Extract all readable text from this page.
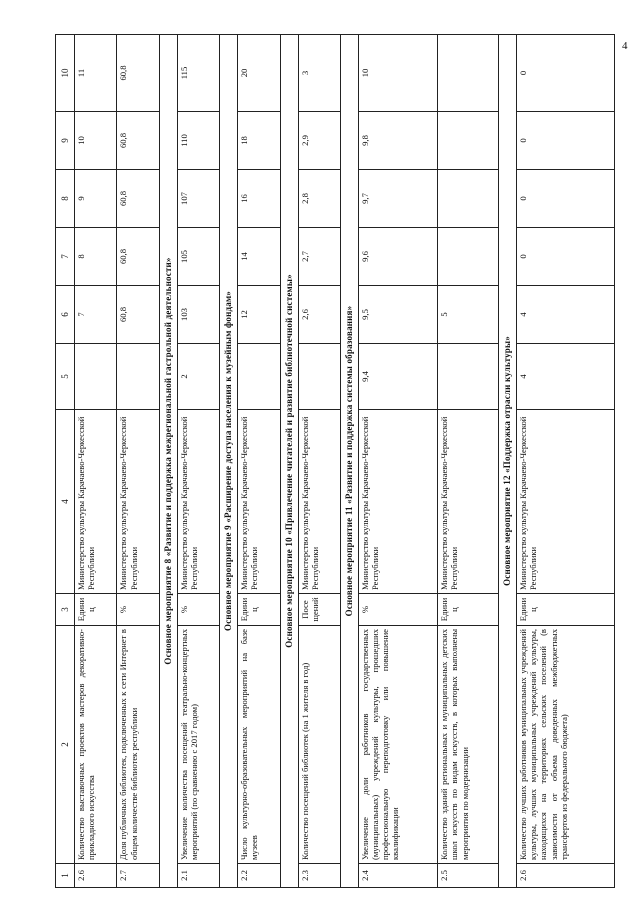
4
1	2	3	4	5	6	7	8	9	10
2.6	Количество выставочных проектов мастеров декоративно-прикладного искусства	Единиц	Министерство культуры Карачаево-Черкесской Республики		7	8	9	10	11
2.7	Доля публичных библиотек, подключенных к сети Интернет в общем количестве библиотек республики	%	Министерство культуры Карачаево-Черкесской Республики		60,8	60,8	60,8	60,8	60,8
Основное мероприятие 8 «Развитие и поддержка межрегиональной гастрольной деятельности»									
2.1	Увеличение количества посещений театрально-концертных мероприятий (по сравнению с 2017 годом)	%	Министерство культуры Карачаево-Черкесской Республики	2	103	105	107	110	115
Основное мероприятие 9 «Расширение доступа населения к музейным фондам»									
2.2	Число культурно-образовательных мероприятий на базе музеев	Единиц	Министерство культуры Карачаево-Черкесской Республики		12	14	16	18	20
Основное мероприятие 10 «Привлечение читателей и развитие библиотечной системы»									
2.3	Количество посещений библиотек (на 1 жителя в год)	Посещений	Министерство культуры Карачаево-Черкесской Республики		2,6	2,7	2,8	2,9	3
Основное мероприятие 11 «Развитие и поддержка системы образования»									
2.4	Увеличение доли работников государственных (муниципальных) учреждений культуры, прошедших профессиональную переподготовку или повышение квалификации	%	Министерство культуры Карачаево-Черкесской Республики	9,4	9,5	9,6	9,7	9,8	10
2.5	Количество зданий региональных и муниципальных детских школ искусств по видам искусств, в которых выполнены мероприятия по модернизации	Единиц	Министерство культуры Карачаево-Черкесской Республики		5				
Основное мероприятие 12 «Поддержка отрасли культуры»									
2.6	Количество лучших работников муниципальных учреждений культуры, лучших муниципальных учреждений культуры, находящихся на территориях сельских поселений (в зависимости от объема доведенных межбюджетных трансфертов из федерального бюджета)	Единиц	Министерство культуры Карачаево-Черкесской Республики	4	4	0	0	0	0
